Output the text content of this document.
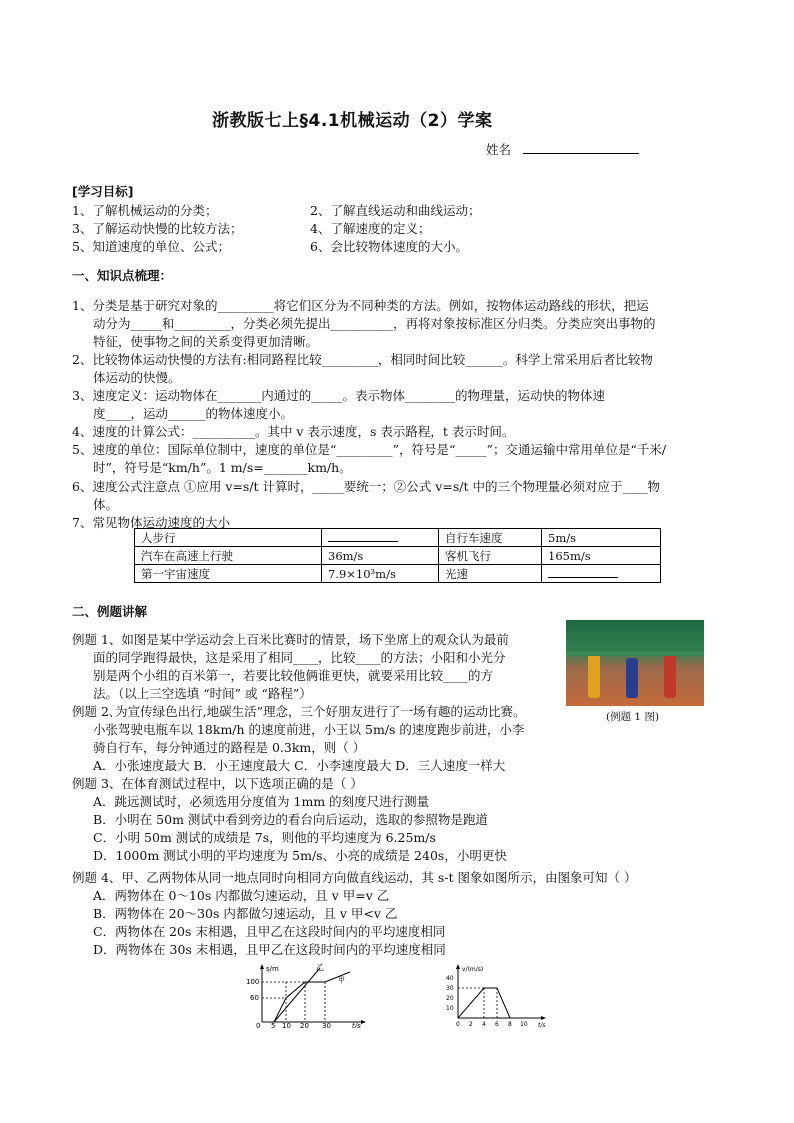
浙教版七上§4.1机械运动（2）学案
姓名
[学习目标]
1、了解机械运动的分类；	2、了解直线运动和曲线运动；
3、了解运动快慢的比较方法；	4、了解速度的定义；
5、知道速度的单位、公式；	6、会比较物体速度的大小。
一、知识点梳理：
1、分类是基于研究对象的_________将它们区分为不同种类的方法。例如，按物体运动路线的形状，把运
动分为_____和_________，分类必须先提出__________，再将对象按标准区分归类。分类应突出事物的
特征，使事物之间的关系变得更加清晰。
2、比较物体运动快慢的方法有:相同路程比较_________，相同时间比较______。科学上常采用后者比较物
体运动的快慢。
3、速度定义：运动物体在_______内通过的_____。表示物体________的物理量，运动快的物体速
度____，运动______的物体速度小。
4、速度的计算公式：__________。其中 v 表示速度，s 表示路程，t 表示时间。
5、速度的单位：国际单位制中，速度的单位是“_________”，符号是“_____”；交通运输中常用单位是“千米/
时”，符号是“km/h”。1 m/s=_______km/h。
6、速度公式注意点 ①应用 v=s/t 计算时，_____要统一；②公式 v=s/t 中的三个物理量必须对应于____物
体。
7、常见物体运动速度的大小
人步行		自行车速度	5m/s
汽车在高速上行驶	36m/s	客机飞行	165m/s
第一宇宙速度	7.9×10³m/s	光速	
二、例题讲解
例题 1、如图是某中学运动会上百米比赛时的情景，场下坐席上的观众认为最前
面的同学跑得最快，这是采用了相同____，比较____的方法；小阳和小光分
别是两个小组的百米第一，若要比较他俩谁更快，就要采用比较____的方
法。（以上三空选填 “时间” 或 “路程”）
例题 2､为宣传绿色出行,地碳生活”理念，三个好朋友进行了一场有趣的运动比赛。
小张驾驶电瓶车以 18km/h 的速度前进，小王以 5m/s 的速度跑步前进，小李
骑自行车，每分钟通过的路程是 0.3km，则（ ）
A．小张速度最大 B．小王速度最大 C．小李速度最大 D．三人速度一样大
例题 3、在体育测试过程中，以下选项正确的是（ ）
A．跳远测试时，必须选用分度值为 1mm 的刻度尺进行测量
B．小明在 50m 测试中看到旁边的看台向后运动，选取的参照物是跑道
C．小明 50m 测试的成绩是 7s，则他的平均速度为 6.25m/s
D．1000m 测试小明的平均速度为 5m/s、小亮的成绩是 240s，小明更快
例题 4、甲、乙两物体从同一地点同时向相同方向做直线运动，其 s-t 图象如图所示，由图象可知（ ）
A．两物体在 0～10s 内都做匀速运动，且 v 甲=v 乙
B．两物体在 20～30s 内都做匀速运动，且 v 甲<v 乙
C．两物体在 20s 末相遇，且甲乙在这段时间内的平均速度相同
D．两物体在 30s 末相遇，且甲乙在这段时间内的平均速度相同
(例题 1 图)
s/m
t/s
100
60
0 5 10 20 30
乙
甲
v/(m/s)
t/s
40
30
20
10
0 2 4 6 8 10
